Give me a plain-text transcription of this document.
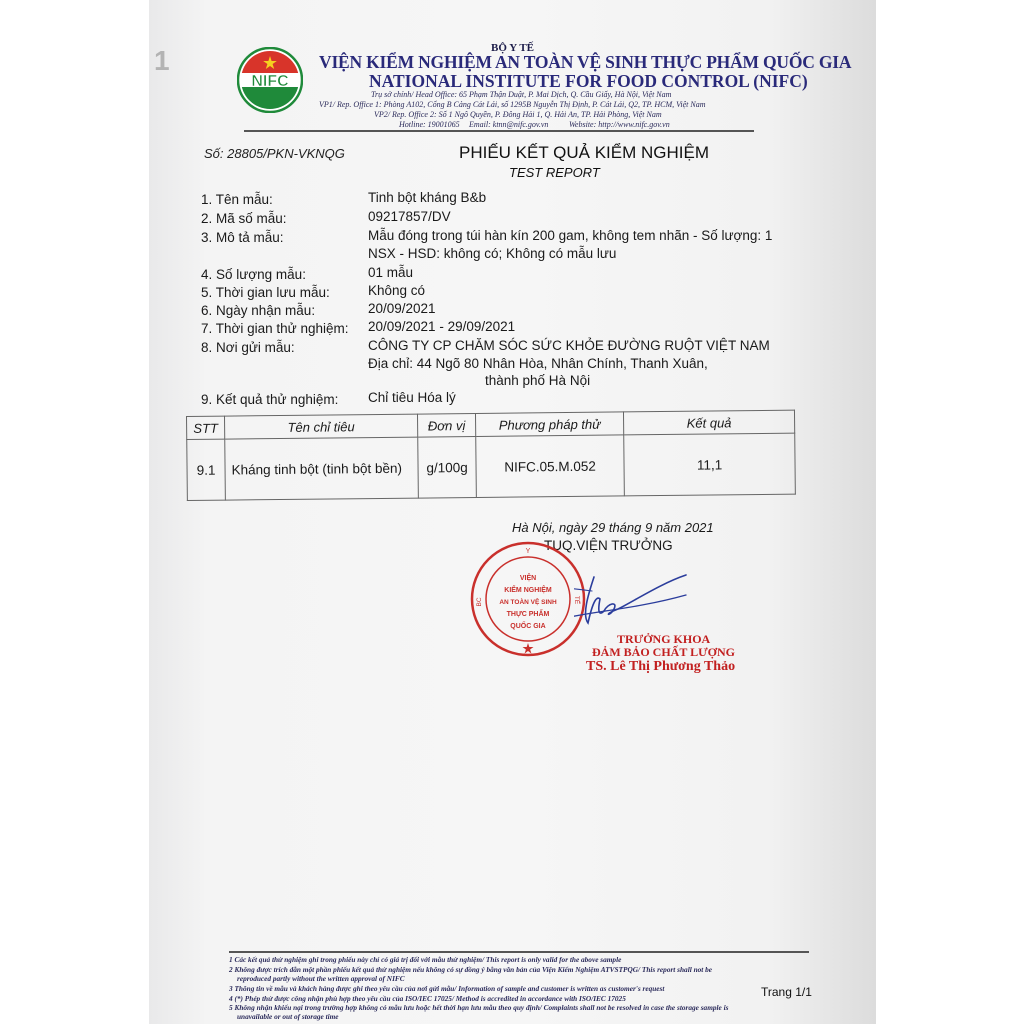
1
NIFC
BỘ Y TẾ
VIỆN KIỂM NGHIỆM AN TOÀN VỆ SINH THỰC PHẨM QUỐC GIA
NATIONAL INSTITUTE FOR FOOD CONTROL (NIFC)
Trụ sở chính/ Head Office: 65 Phạm Thận Duật, P. Mai Dịch, Q. Cầu Giấy, Hà Nội, Việt Nam
VP1/ Rep. Office 1: Phòng A102, Cổng B Cảng Cát Lái, số 1295B Nguyễn Thị Định, P. Cát Lái, Q2, TP. HCM, Việt Nam
VP2/ Rep. Office 2: Số 1 Ngô Quyền, P. Đông Hải 1, Q. Hải An, TP. Hải Phòng, Việt Nam
Hotline: 19001065 Email: ktnn@nifc.gov.vn	Website: http://www.nifc.gov.vn
Số: 28805/PKN-VKNQG	PHIẾU KẾT QUẢ KIỂM NGHIỆM
TEST REPORT
1. Tên mẫu:	Tinh bột kháng B&b
2. Mã số mẫu:	09217857/DV
3. Mô tả mẫu:	Mẫu đóng trong túi hàn kín 200 gam, không tem nhãn - Số lượng: 1
NSX - HSD: không có; Không có mẫu lưu
4. Số lượng mẫu:	01 mẫu
5. Thời gian lưu mẫu:	Không có
6. Ngày nhận mẫu:	20/09/2021
7. Thời gian thử nghiệm: 20/09/2021 - 29/09/2021
8. Nơi gửi mẫu:	CÔNG TY CP CHĂM SÓC SỨC KHỎE ĐƯỜNG RUỘT VIỆT NAM
Địa chỉ: 44 Ngõ 80 Nhân Hòa, Nhân Chính, Thanh Xuân,
thành phố Hà Nội
9. Kết quả thử nghiệm: Chỉ tiêu Hóa lý
STT	Tên chỉ tiêu	Đơn vị	Phương pháp thử	Kết quả
9.1	Kháng tinh bột (tinh bột bền)	g/100g	NIFC.05.M.052	11,1
Hà Nội, ngày 29 tháng 9 năm 2021
TUQ.VIỆN TRƯỞNG
Y
BC	TẾ
VIỆN
KIỂM NGHIỆM
AN TOÀN VỆ SINH
THỰC PHẨM
QUỐC GIA
TRƯỞNG KHOA
ĐẢM BẢO CHẤT LƯỢNG
TS. Lê Thị Phương Thảo
1 Các kết quả thử nghiệm ghi trong phiếu này chỉ có giá trị đối với mẫu thử nghiệm/ This report is only valid for the above sample
2 Không được trích dẫn một phần phiếu kết quả thử nghiệm nếu không có sự đồng ý bằng văn bản của Viện Kiểm Nghiệm ATVSTPQG/ This report shall not be
reproduced partly without the written approval of NIFC
3 Thông tin về mẫu và khách hàng được ghi theo yêu cầu của nơi gửi mẫu/ Information of sample and customer is written as customer's request
4 (*) Phép thử được công nhận phù hợp theo yêu cầu của ISO/IEC 17025/ Method is accredited in accordance with ISO/IEC 17025
5 Không nhận khiếu nại trong trường hợp không có mẫu lưu hoặc hết thời hạn lưu mẫu theo quy định/ Complaints shall not be resolved in case the storage sample is
unavailable or out of storage time
Trang 1/1
